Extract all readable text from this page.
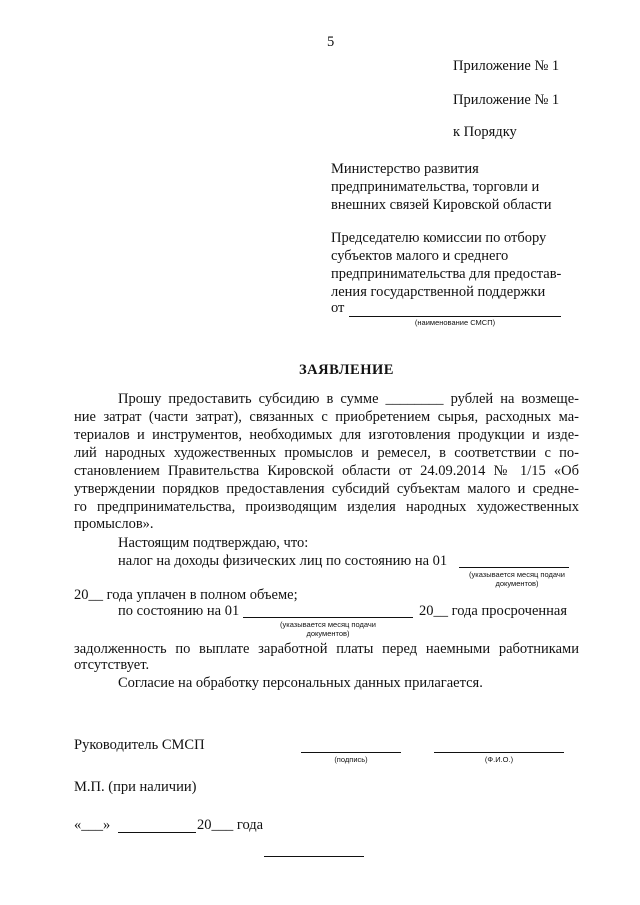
5
Приложение № 1
Приложение № 1
к Порядку
Министерство развития
предпринимательства, торговли и
внешних связей Кировской области
Председателю комиссии по отбору
субъектов малого и среднего
предпринимательства для предостав-
ления государственной поддержки
от
(наименование СМСП)
ЗАЯВЛЕНИЕ
Прошу предоставить субсидию в сумме ________ рублей на возмеще-
ние затрат (части затрат), связанных с приобретением сырья, расходных ма-
териалов и инструментов, необходимых для изготовления продукции и изде-
лий народных художественных промыслов и ремесел, в соответствии с по-
становлением Правительства Кировской области от 24.09.2014 № 1/15 «Об
утверждении порядков предоставления субсидий субъектам малого и средне-
го предпринимательства, производящим изделия народных художественных
промыслов».
Настоящим подтверждаю, что:
налог на доходы физических лиц по состоянию на 01
(указывается месяц подачи документов)
20__ года уплачен в полном объеме;
по состоянию на 01
(указывается месяц подачи документов)
20__ года просроченная
задолженность по выплате заработной платы перед наемными работниками
отсутствует.
Согласие на обработку персональных данных прилагается.
Руководитель СМСП
(подпись)	(Ф.И.О.)
М.П. (при наличии)
«___»	20___ года
